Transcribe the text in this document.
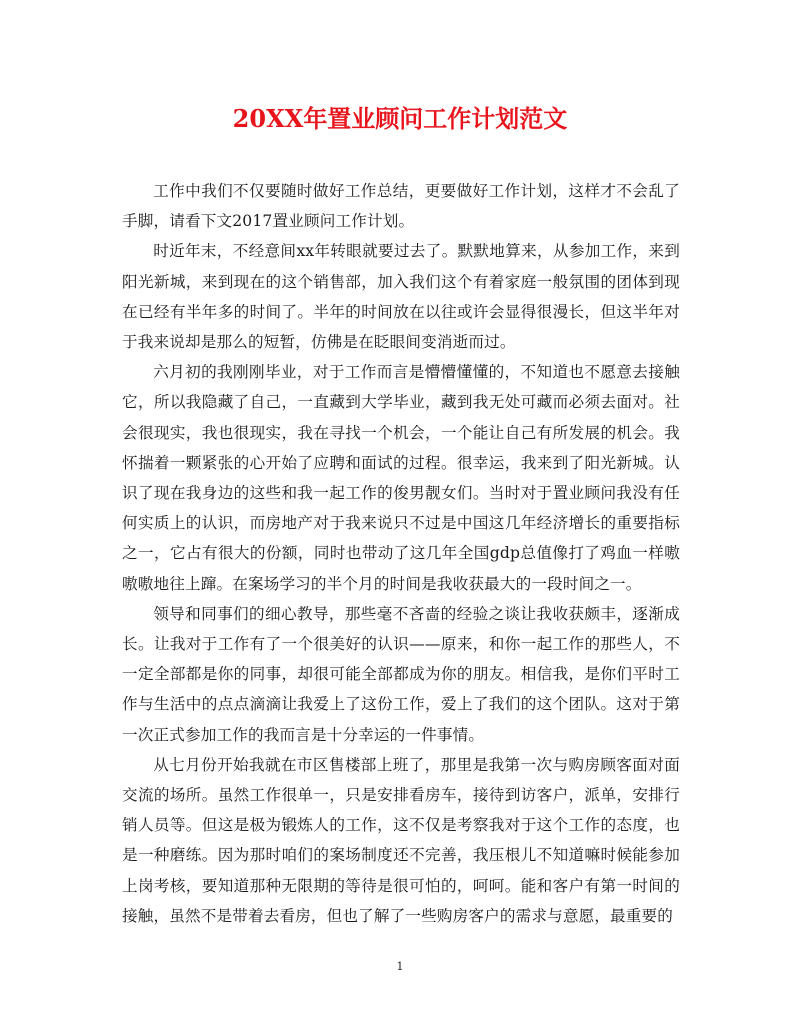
20XX年置业顾问工作计划范文

工作中我们不仅要随时做好工作总结，更要做好工作计划，这样才不会乱了手脚，请看下文2017置业顾问工作计划。

时近年末，不经意间xx年转眼就要过去了。默默地算来，从参加工作，来到阳光新城，来到现在的这个销售部，加入我们这个有着家庭一般氛围的团体到现在已经有半年多的时间了。半年的时间放在以往或许会显得很漫长，但这半年对于我来说却是那么的短暂，仿佛是在眨眼间变消逝而过。

六月初的我刚刚毕业，对于工作而言是懵懵懂懂的，不知道也不愿意去接触它，所以我隐藏了自己，一直藏到大学毕业，藏到我无处可藏而必须去面对。社会很现实，我也很现实，我在寻找一个机会，一个能让自己有所发展的机会。我怀揣着一颗紧张的心开始了应聘和面试的过程。很幸运，我来到了阳光新城。认识了现在我身边的这些和我一起工作的俊男靓女们。当时对于置业顾问我没有任何实质上的认识，而房地产对于我来说只不过是中国这几年经济增长的重要指标之一，它占有很大的份额，同时也带动了这几年全国gdp总值像打了鸡血一样嗷嗷嗷地往上蹿。在案场学习的半个月的时间是我收获最大的一段时间之一。

领导和同事们的细心教导，那些毫不吝啬的经验之谈让我收获颇丰，逐渐成长。让我对于工作有了一个很美好的认识——原来，和你一起工作的那些人，不一定全部都是你的同事，却很可能全部都成为你的朋友。相信我，是你们平时工作与生活中的点点滴滴让我爱上了这份工作，爱上了我们的这个团队。这对于第一次正式参加工作的我而言是十分幸运的一件事情。

从七月份开始我就在市区售楼部上班了，那里是我第一次与购房顾客面对面交流的场所。虽然工作很单一，只是安排看房车，接待到访客户，派单，安排行销人员等。但这是极为锻炼人的工作，这不仅是考察我对于这个工作的态度，也是一种磨练。因为那时咱们的案场制度还不完善，我压根儿不知道嘛时候能参加上岗考核，要知道那种无限期的等待是很可怕的，呵呵。能和客户有第一时间的接触，虽然不是带着去看房，但也了解了一些购房客户的需求与意愿，最重要的

1
